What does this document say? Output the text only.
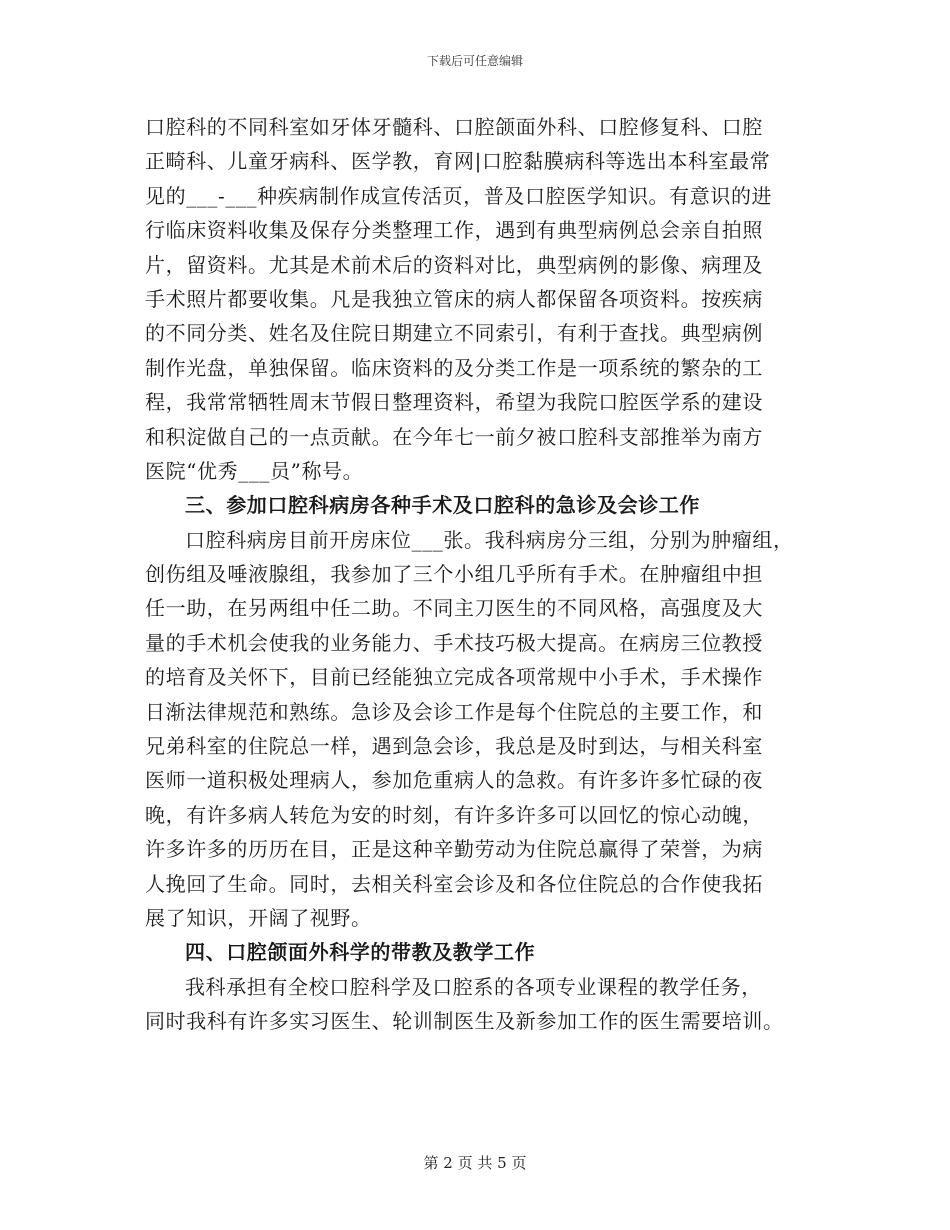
下载后可任意编辑
口腔科的不同科室如牙体牙髓科、口腔颌面外科、口腔修复科、口腔
正畸科、儿童牙病科、医学教，育网|口腔黏膜病科等选出本科室最常
见的___-___种疾病制作成宣传活页，普及口腔医学知识。有意识的进
行临床资料收集及保存分类整理工作，遇到有典型病例总会亲自拍照
片，留资料。尤其是术前术后的资料对比，典型病例的影像、病理及
手术照片都要收集。凡是我独立管床的病人都保留各项资料。按疾病
的不同分类、姓名及住院日期建立不同索引，有利于查找。典型病例
制作光盘，单独保留。临床资料的及分类工作是一项系统的繁杂的工
程，我常常牺牲周末节假日整理资料，希望为我院口腔医学系的建设
和积淀做自己的一点贡献。在今年七一前夕被口腔科支部推举为南方
医院“优秀___员”称号。
三、参加口腔科病房各种手术及口腔科的急诊及会诊工作
口腔科病房目前开房床位___张。我科病房分三组，分别为肿瘤组，
创伤组及唾液腺组，我参加了三个小组几乎所有手术。在肿瘤组中担
任一助，在另两组中任二助。不同主刀医生的不同风格，高强度及大
量的手术机会使我的业务能力、手术技巧极大提高。在病房三位教授
的培育及关怀下，目前已经能独立完成各项常规中小手术，手术操作
日渐法律规范和熟练。急诊及会诊工作是每个住院总的主要工作，和
兄弟科室的住院总一样，遇到急会诊，我总是及时到达，与相关科室
医师一道积极处理病人，参加危重病人的急救。有许多许多忙碌的夜
晚，有许多病人转危为安的时刻，有许多许多可以回忆的惊心动魄，
许多许多的历历在目，正是这种辛勤劳动为住院总赢得了荣誉，为病
人挽回了生命。同时，去相关科室会诊及和各位住院总的合作使我拓
展了知识，开阔了视野。
四、口腔颌面外科学的带教及教学工作
我科承担有全校口腔科学及口腔系的各项专业课程的教学任务，
同时我科有许多实习医生、轮训制医生及新参加工作的医生需要培训。
第 2 页 共 5 页
